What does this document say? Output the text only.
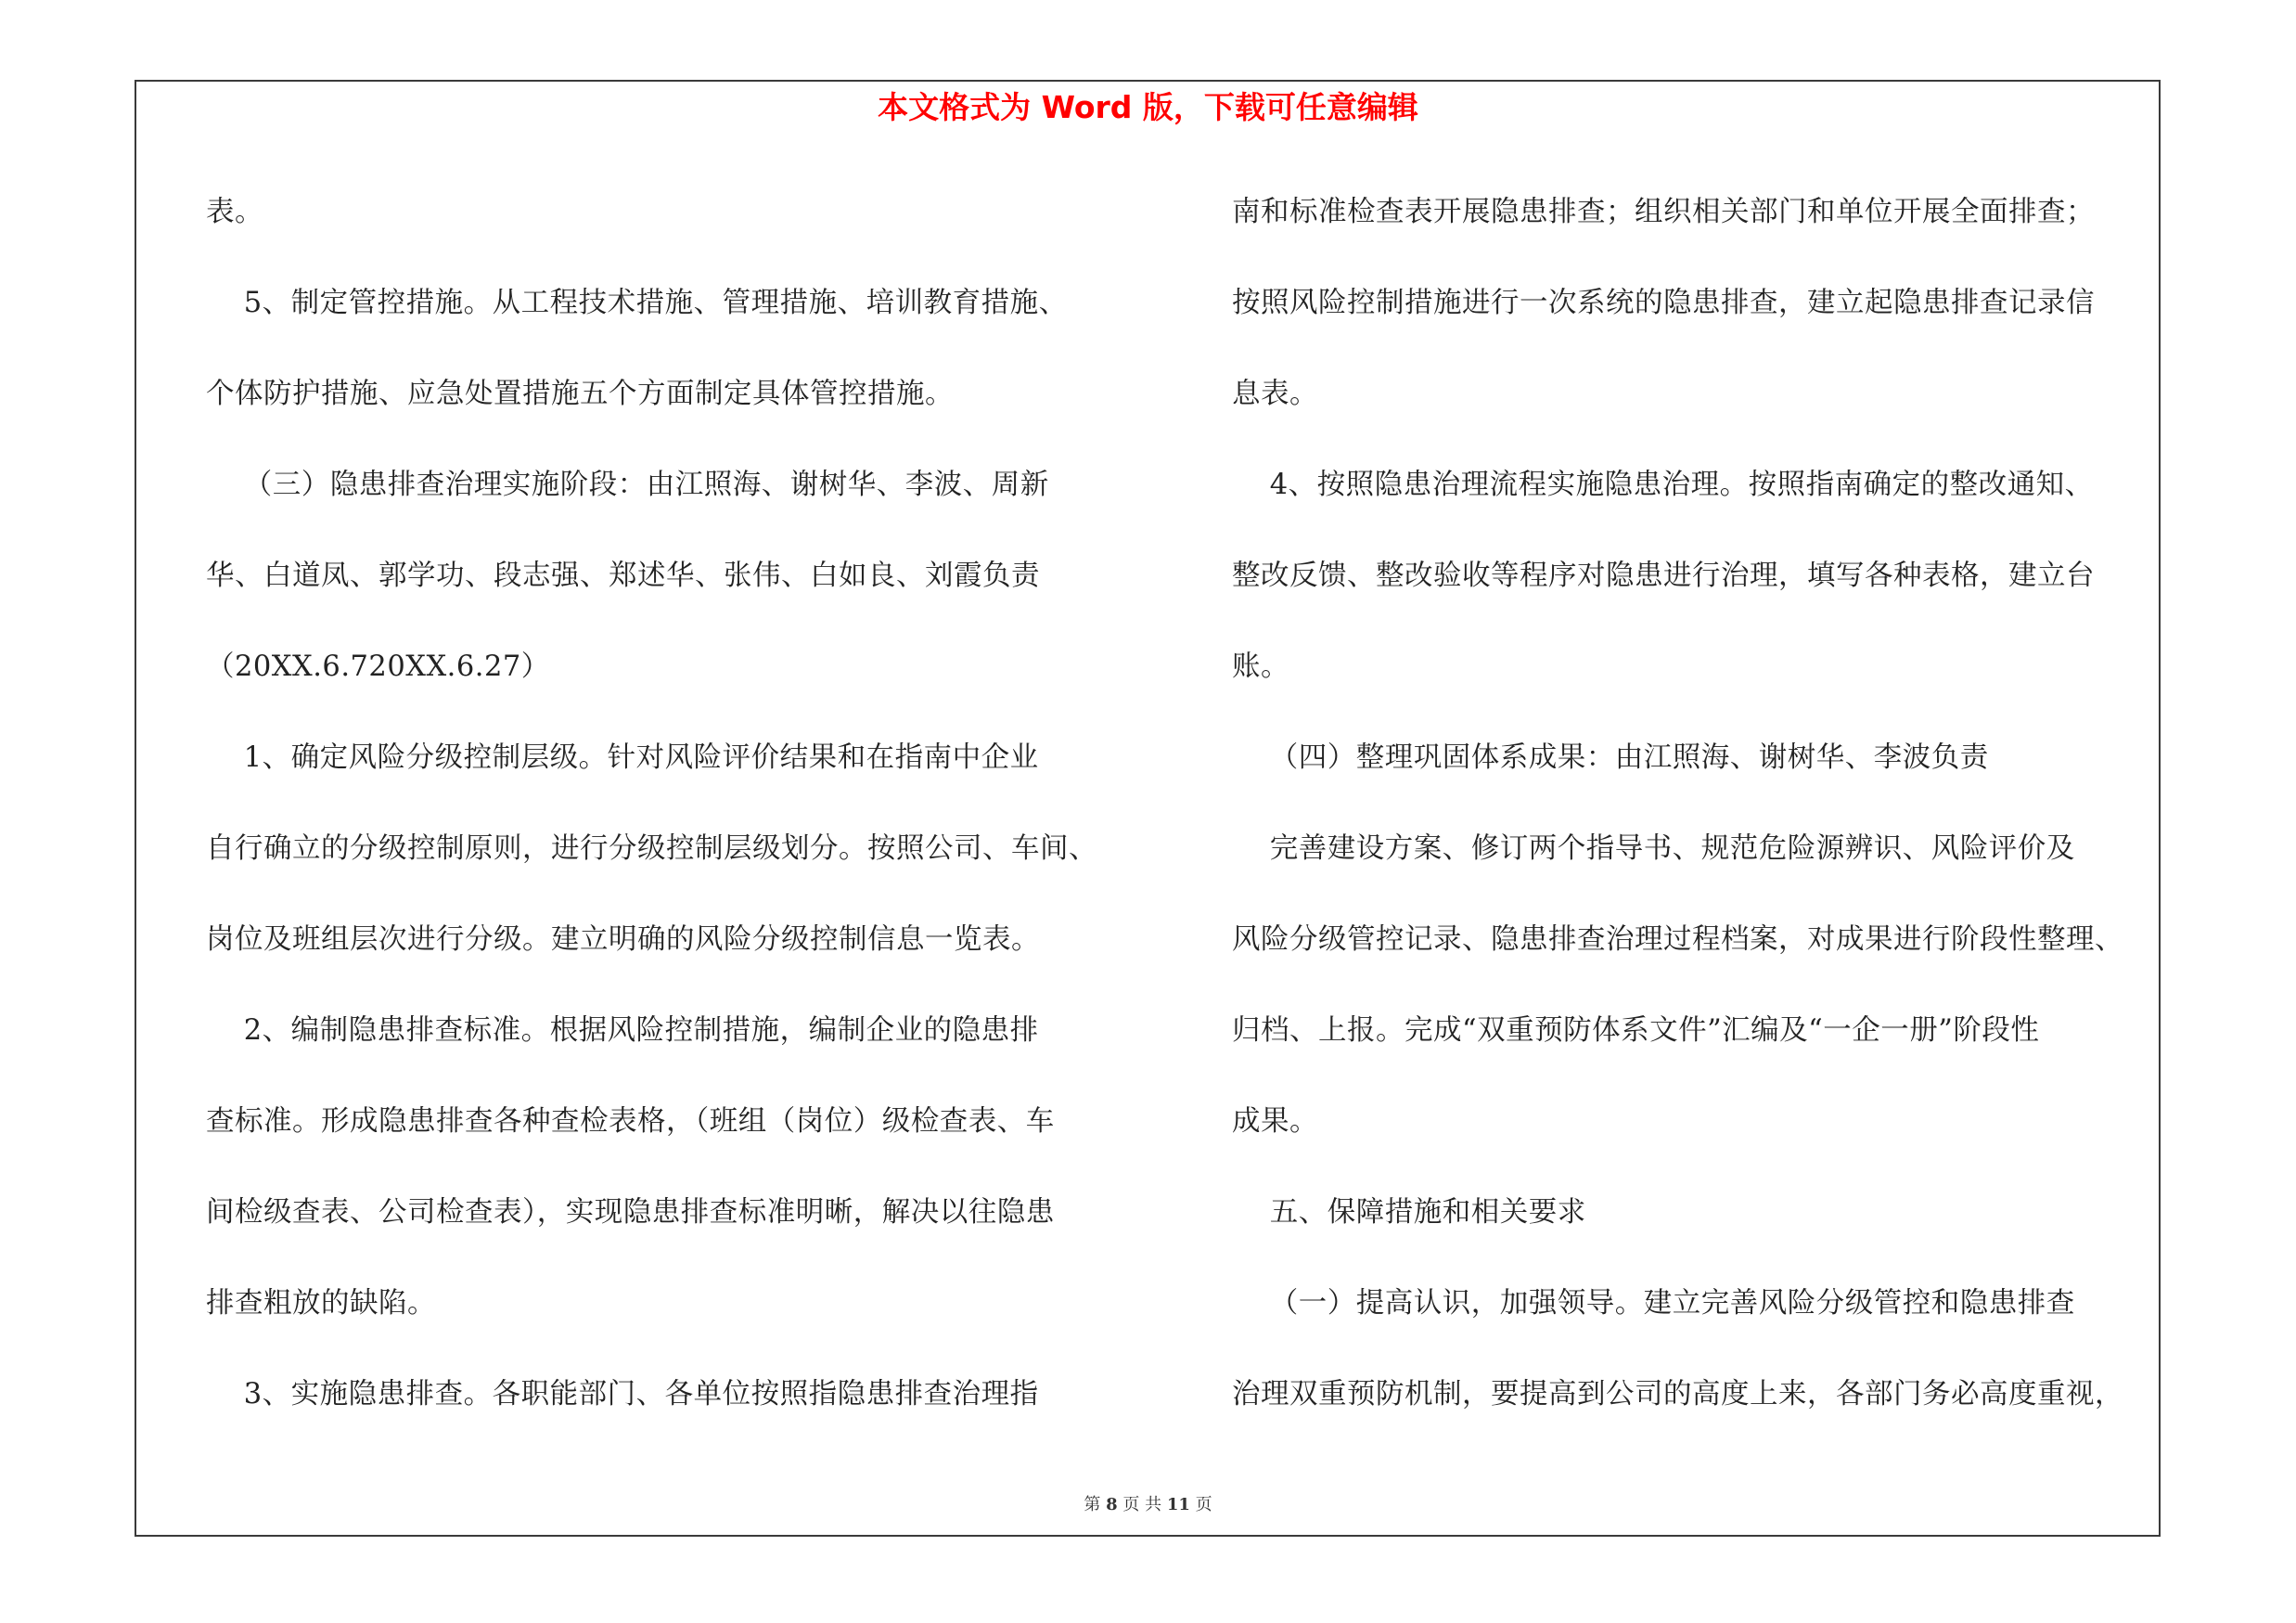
本文格式为 Word 版，下载可任意编辑
表。
5、制定管控措施。从工程技术措施、管理措施、培训教育措施、
个体防护措施、应急处置措施五个方面制定具体管控措施。
（三）隐患排查治理实施阶段：由江照海、谢树华、李波、周新
华、白道凤、郭学功、段志强、郑述华、张伟、白如良、刘霞负责
（20XX.6.720XX.6.27）
1、确定风险分级控制层级。针对风险评价结果和在指南中企业
自行确立的分级控制原则，进行分级控制层级划分。按照公司、车间、
岗位及班组层次进行分级。建立明确的风险分级控制信息一览表。
2、编制隐患排查标准。根据风险控制措施，编制企业的隐患排
查标准。形成隐患排查各种查检表格，（班组（岗位）级检查表、车
间检级查表、公司检查表），实现隐患排查标准明晰，解决以往隐患
排查粗放的缺陷。
3、实施隐患排查。各职能部门、各单位按照指隐患排查治理指
南和标准检查表开展隐患排查；组织相关部门和单位开展全面排查；
按照风险控制措施进行一次系统的隐患排查，建立起隐患排查记录信
息表。
4、按照隐患治理流程实施隐患治理。按照指南确定的整改通知、
整改反馈、整改验收等程序对隐患进行治理，填写各种表格，建立台
账。
（四）整理巩固体系成果：由江照海、谢树华、李波负责
完善建设方案、修订两个指导书、规范危险源辨识、风险评价及
风险分级管控记录、隐患排查治理过程档案，对成果进行阶段性整理、
归档、上报。完成“双重预防体系文件”汇编及“一企一册”阶段性
成果。
五、保障措施和相关要求
（一）提高认识，加强领导。建立完善风险分级管控和隐患排查
治理双重预防机制，要提高到公司的高度上来，各部门务必高度重视，
第 8 页 共 11 页
